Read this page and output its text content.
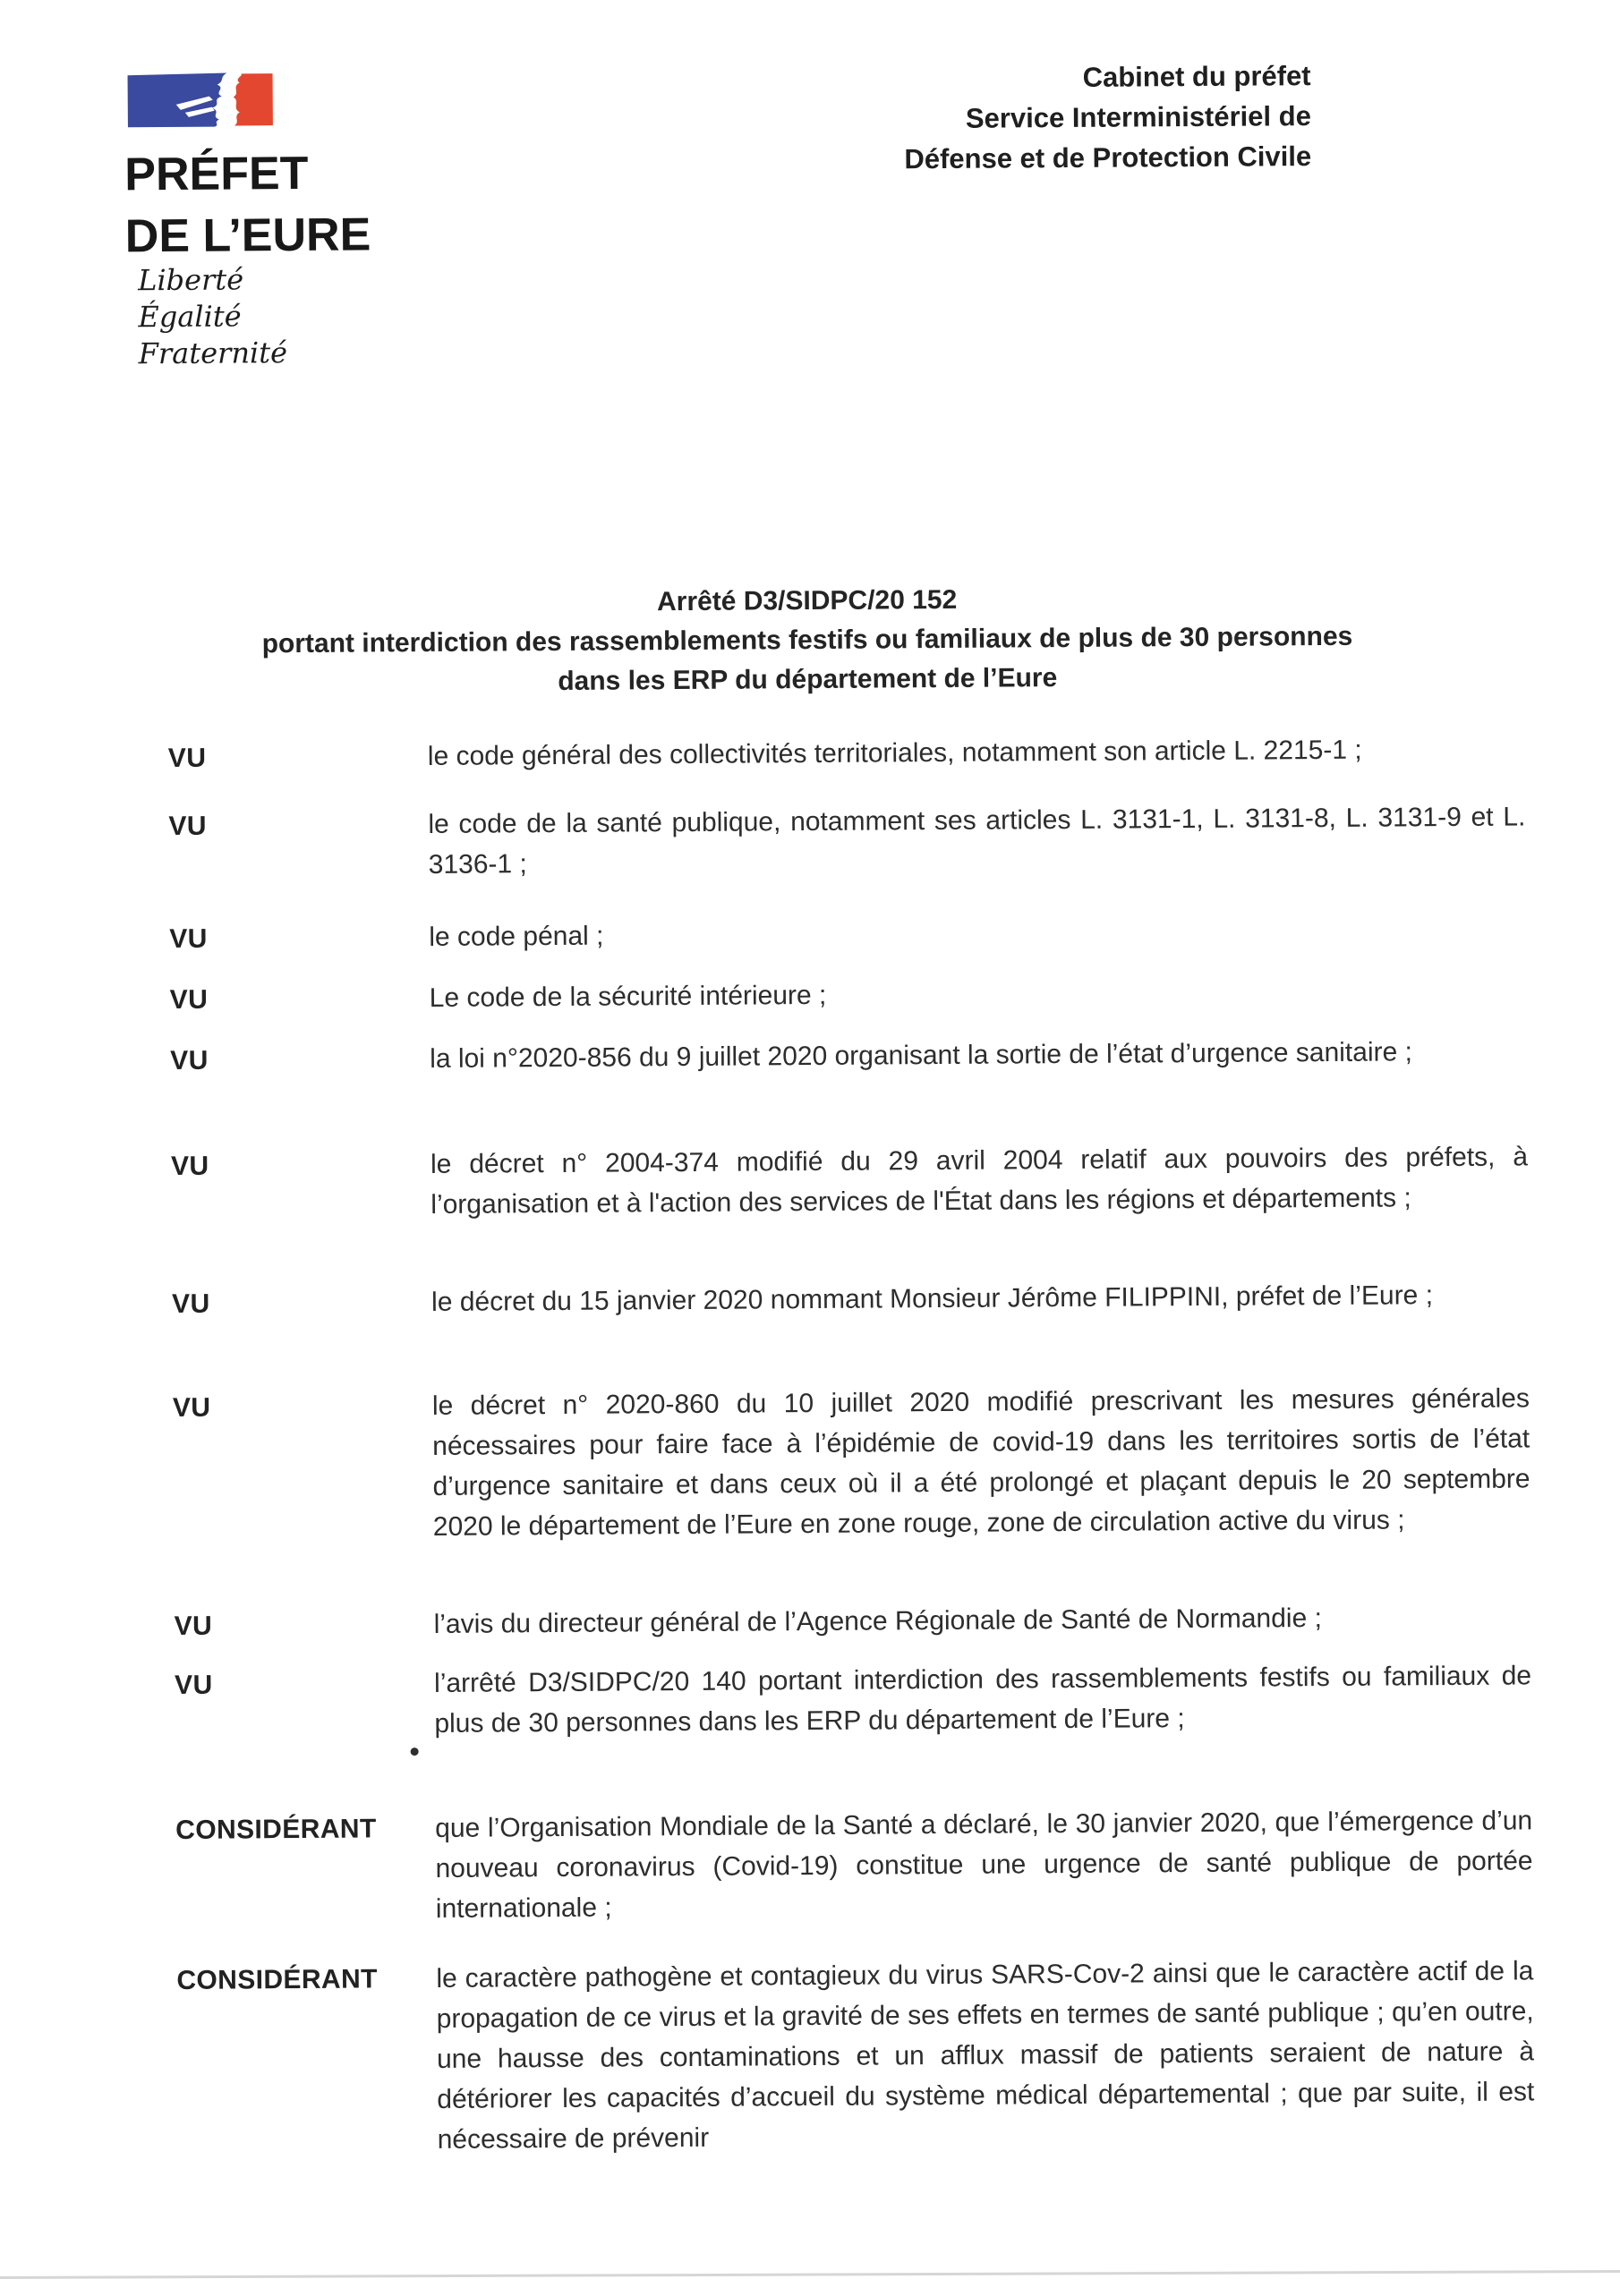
PRÉFET
DE L’EURE
Liberté
Égalité
Fraternité
Cabinet du préfet
Service Interministériel de
Défense et de Protection Civile
Arrêté D3/SIDPC/20 152
portant interdiction des rassemblements festifs ou familiaux de plus de 30 personnes
dans les ERP du département de l’Eure
VU	le code général des collectivités territoriales, notamment son article L. 2215-1 ;
VU	le code de la santé publique, notamment ses articles L. 3131-1, L. 3131-8, L. 3131-9 et L. 3136-1 ;
VU	le code pénal ;
VU	Le code de la sécurité intérieure ;
VU	la loi n°2020-856 du 9 juillet 2020 organisant la sortie de l’état d’urgence sanitaire ;
VU	le décret n° 2004-374 modifié du 29 avril 2004 relatif aux pouvoirs des préfets, à l’organisation et à l'action des services de l'État dans les régions et départements ;
VU	le décret du 15 janvier 2020 nommant Monsieur Jérôme FILIPPINI, préfet de l’Eure ;
VU	le décret n° 2020-860 du 10 juillet 2020 modifié prescrivant les mesures générales nécessaires pour faire face à l’épidémie de covid-19 dans les territoires sortis de l’état d’urgence sanitaire et dans ceux où il a été prolongé et plaçant depuis le 20 septembre 2020 le département de l’Eure en zone rouge, zone de circulation active du virus ;
VU	l’avis du directeur général de l’Agence Régionale de Santé de Normandie ;
VU	l’arrêté D3/SIDPC/20 140 portant interdiction des rassemblements festifs ou familiaux de plus de 30 personnes dans les ERP du département de l’Eure ;
CONSIDÉRANT	que l’Organisation Mondiale de la Santé a déclaré, le 30 janvier 2020, que l’émergence d’un nouveau coronavirus (Covid-19) constitue une urgence de santé publique de portée internationale ;
CONSIDÉRANT	le caractère pathogène et contagieux du virus SARS-Cov-2 ainsi que le caractère actif de la propagation de ce virus et la gravité de ses effets en termes de santé publique ; qu’en outre, une hausse des contaminations et un afflux massif de patients seraient de nature à détériorer les capacités d’accueil du système médical départemental ; que par suite, il est nécessaire de prévenir
